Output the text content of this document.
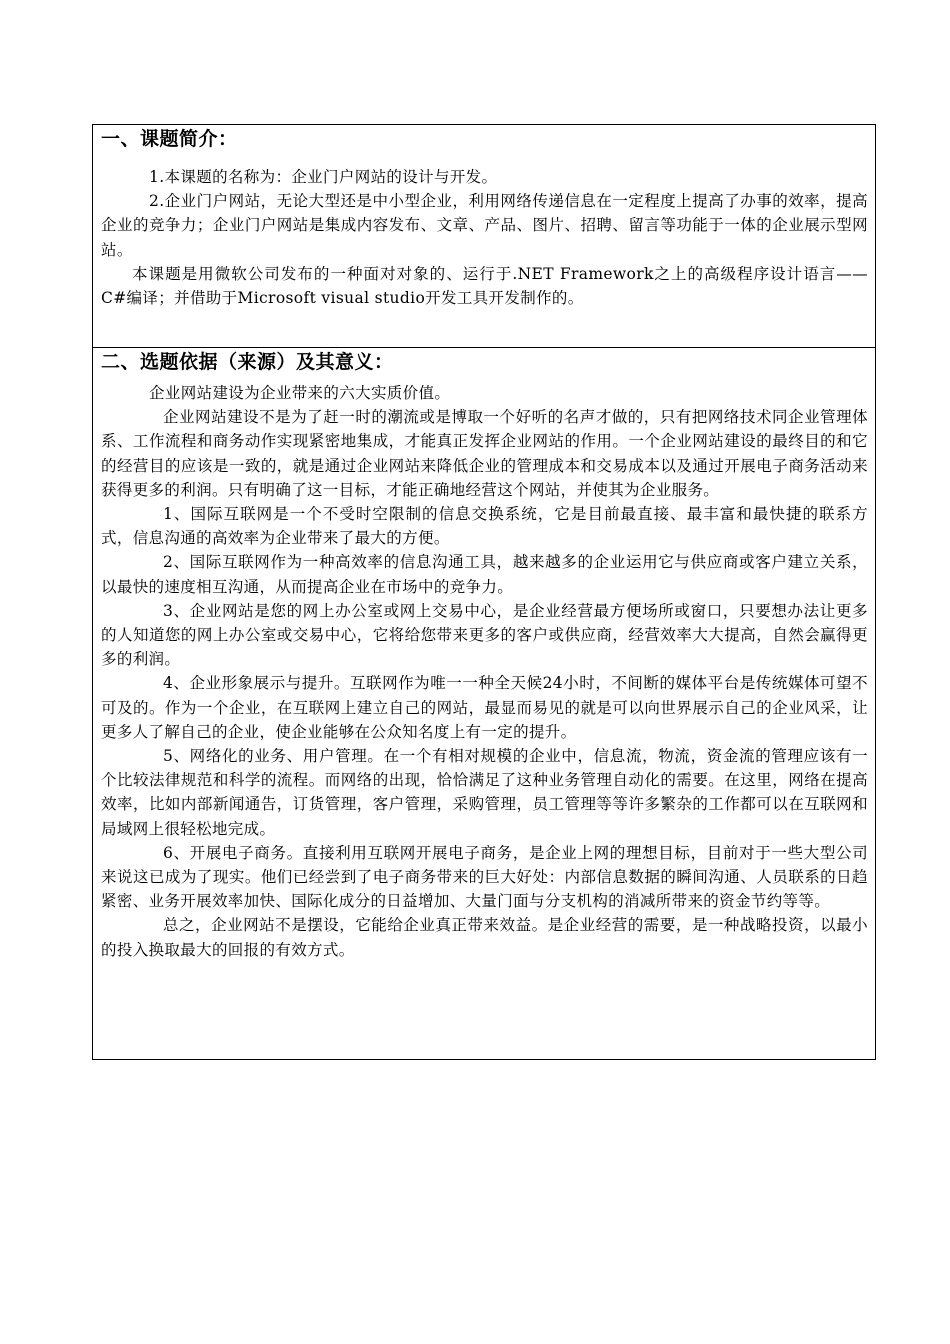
一、课题简介：

1.本课题的名称为：企业门户网站的设计与开发。

2.企业门户网站，无论大型还是中小型企业，利用网络传递信息在一定程度上提高了办事的效率，提高企业的竞争力；企业门户网站是集成内容发布、文章、产品、图片、招聘、留言等功能于一体的企业展示型网站。

本课题是用微软公司发布的一种面对对象的、运行于.NET Framework之上的高级程序设计语言——C#编译；并借助于Microsoft visual studio开发工具开发制作的。

二、选题依据（来源）及其意义：

企业网站建设为企业带来的六大实质价值。

企业网站建设不是为了赶一时的潮流或是博取一个好听的名声才做的，只有把网络技术同企业管理体系、工作流程和商务动作实现紧密地集成，才能真正发挥企业网站的作用。一个企业网站建设的最终目的和它的经营目的应该是一致的，就是通过企业网站来降低企业的管理成本和交易成本以及通过开展电子商务活动来获得更多的利润。只有明确了这一目标，才能正确地经营这个网站，并使其为企业服务。

1、国际互联网是一个不受时空限制的信息交换系统，它是目前最直接、最丰富和最快捷的联系方式，信息沟通的高效率为企业带来了最大的方便。

2、国际互联网作为一种高效率的信息沟通工具，越来越多的企业运用它与供应商或客户建立关系，以最快的速度相互沟通，从而提高企业在市场中的竞争力。

3、企业网站是您的网上办公室或网上交易中心，是企业经营最方便场所或窗口，只要想办法让更多的人知道您的网上办公室或交易中心，它将给您带来更多的客户或供应商，经营效率大大提高，自然会赢得更多的利润。

4、企业形象展示与提升。互联网作为唯一一种全天候24小时，不间断的媒体平台是传统媒体可望不可及的。作为一个企业，在互联网上建立自己的网站，最显而易见的就是可以向世界展示自己的企业风采，让更多人了解自己的企业，使企业能够在公众知名度上有一定的提升。

5、网络化的业务、用户管理。在一个有相对规模的企业中，信息流，物流，资金流的管理应该有一个比较法律规范和科学的流程。而网络的出现，恰恰满足了这种业务管理自动化的需要。在这里，网络在提高效率，比如内部新闻通告，订货管理，客户管理，采购管理，员工管理等等许多繁杂的工作都可以在互联网和局域网上很轻松地完成。

6、开展电子商务。直接利用互联网开展电子商务，是企业上网的理想目标，目前对于一些大型公司来说这已成为了现实。他们已经尝到了电子商务带来的巨大好处：内部信息数据的瞬间沟通、人员联系的日趋紧密、业务开展效率加快、国际化成分的日益增加、大量门面与分支机构的消减所带来的资金节约等等。

总之，企业网站不是摆设，它能给企业真正带来效益。是企业经营的需要，是一种战略投资，以最小的投入换取最大的回报的有效方式。
